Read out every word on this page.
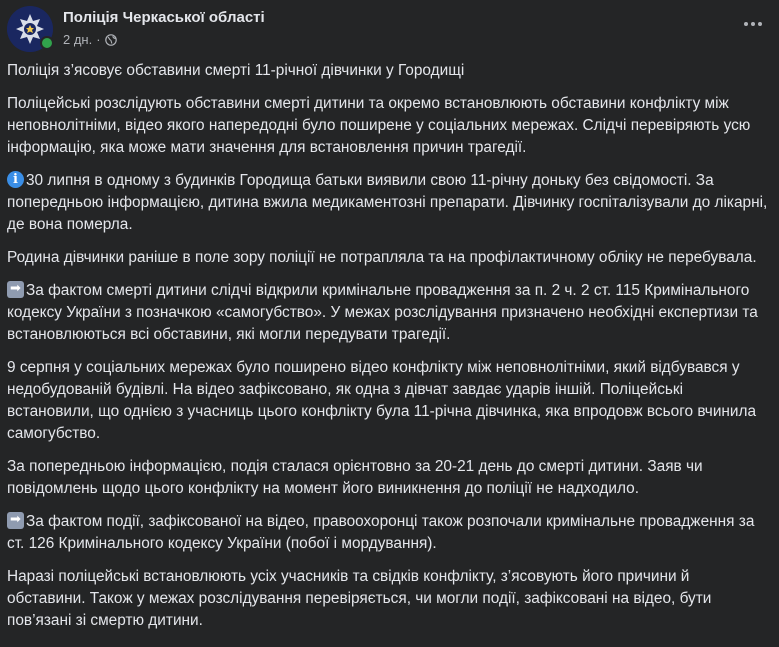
Поліція Черкаської області
2 дн. ·

Поліція з’ясовує обставини смерті 11-річної дівчинки у Городищі

Поліцейські розслідують обставини смерті дитини та окремо встановлюють обставини конфлікту між неповнолітніми, відео якого напередодні було поширене у соціальних мережах. Слідчі перевіряють усю інформацію, яка може мати значення для встановлення причин трагедії.

i30 липня в одному з будинків Городища батьки виявили свою 11-річну доньку без свідомості. За попередньою інформацією, дитина вжила медикаментозні препарати. Дівчинку госпіталізували до лікарні, де вона померла.

Родина дівчинки раніше в поле зору поліції не потрапляла та на профілактичному обліку не перебувала.

➡За фактом смерті дитини слідчі відкрили кримінальне провадження за п. 2 ч. 2 ст. 115 Кримінального кодексу України з позначкою «самогубство». У межах розслідування призначено необхідні експертизи та встановлюються всі обставини, які могли передувати трагедії.

9 серпня у соціальних мережах було поширено відео конфлікту між неповнолітніми, який відбувався у недобудованій будівлі. На відео зафіксовано, як одна з дівчат завдає ударів іншій. Поліцейські встановили, що однією з учасниць цього конфлікту була 11-річна дівчинка, яка впродовж всього вчинила самогубство.

За попередньою інформацією, подія сталася орієнтовно за 20-21 день до смерті дитини. Заяв чи повідомлень щодо цього конфлікту на момент його виникнення до поліції не надходило.

➡За фактом події, зафіксованої на відео, правоохоронці також розпочали кримінальне провадження за ст. 126 Кримінального кодексу України (побої і мордування).

Наразі поліцейські встановлюють усіх учасників та свідків конфлікту, з’ясовують його причини й обставини. Також у межах розслідування перевіряється, чи могли події, зафіксовані на відео, бути пов’язані зі смертю дитини.
